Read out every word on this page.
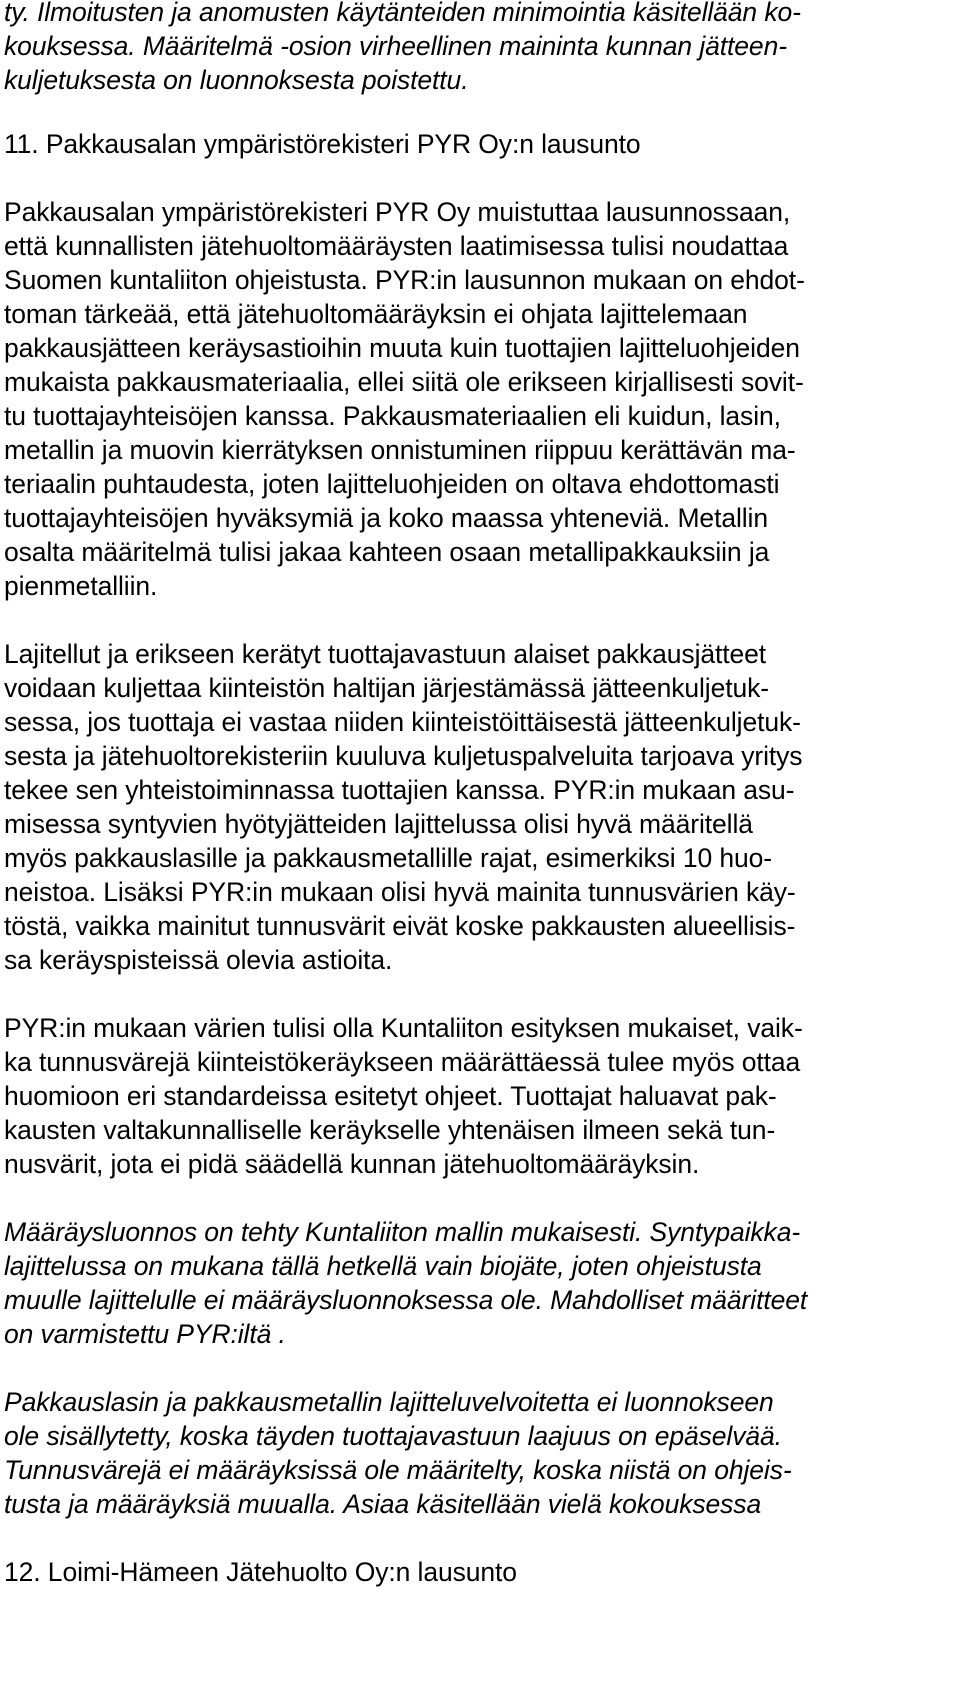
ty. Ilmoitusten ja anomusten käytänteiden minimointia käsitellään ko-
kouksessa. Määritelmä -osion virheellinen maininta kunnan jätteen-
kuljetuksesta on luonnoksesta poistettu.
11. Pakkausalan ympäristörekisteri PYR Oy:n lausunto
Pakkausalan ympäristörekisteri PYR Oy muistuttaa lausunnossaan,
että kunnallisten jätehuoltomääräysten laatimisessa tulisi noudattaa
Suomen kuntaliiton ohjeistusta. PYR:in lausunnon mukaan on ehdot-
toman tärkeää, että jätehuoltomääräyksin ei ohjata lajittelemaan
pakkausjätteen keräysastioihin muuta kuin tuottajien lajitteluohjeiden
mukaista pakkausmateriaalia, ellei siitä ole erikseen kirjallisesti sovit-
tu tuottajayhteisöjen kanssa. Pakkausmateriaalien eli kuidun, lasin,
metallin ja muovin kierrätyksen onnistuminen riippuu kerättävän ma-
teriaalin puhtaudesta, joten lajitteluohjeiden on oltava ehdottomasti
tuottajayhteisöjen hyväksymiä ja koko maassa yhteneviä. Metallin
osalta määritelmä tulisi jakaa kahteen osaan metallipakkauksiin ja
pienmetalliin.
Lajitellut ja erikseen kerätyt tuottajavastuun alaiset pakkausjätteet
voidaan kuljettaa kiinteistön haltijan järjestämässä jätteenkuljetuk-
sessa, jos tuottaja ei vastaa niiden kiinteistöittäisestä jätteenkuljetuk-
sesta ja jätehuoltorekisteriin kuuluva kuljetuspalveluita tarjoava yritys
tekee sen yhteistoiminnassa tuottajien kanssa. PYR:in mukaan asu-
misessa syntyvien hyötyjätteiden lajittelussa olisi hyvä määritellä
myös pakkauslasille ja pakkausmetallille rajat, esimerkiksi 10 huo-
neistoa. Lisäksi PYR:in mukaan olisi hyvä mainita tunnusvärien käy-
töstä, vaikka mainitut tunnusvärit eivät koske pakkausten alueellisis-
sa keräyspisteissä olevia astioita.
PYR:in mukaan värien tulisi olla Kuntaliiton esityksen mukaiset, vaik-
ka tunnusvärejä kiinteistökeräykseen määrättäessä tulee myös ottaa
huomioon eri standardeissa esitetyt ohjeet. Tuottajat haluavat pak-
kausten valtakunnalliselle keräykselle yhtenäisen ilmeen sekä tun-
nusvärit, jota ei pidä säädellä kunnan jätehuoltomääräyksin.
Määräysluonnos on tehty Kuntaliiton mallin mukaisesti. Syntypaikka-
lajittelussa on mukana tällä hetkellä vain biojäte, joten ohjeistusta
muulle lajittelulle ei määräysluonnoksessa ole. Mahdolliset määritteet
on varmistettu PYR:iltä .
Pakkauslasin ja pakkausmetallin lajitteluvelvoitetta ei luonnokseen
ole sisällytetty, koska täyden tuottajavastuun laajuus on epäselvää.
Tunnusvärejä ei määräyksissä ole määritelty, koska niistä on ohjeis-
tusta ja määräyksiä muualla. Asiaa käsitellään vielä kokouksessa
12. Loimi-Hämeen Jätehuolto Oy:n lausunto
